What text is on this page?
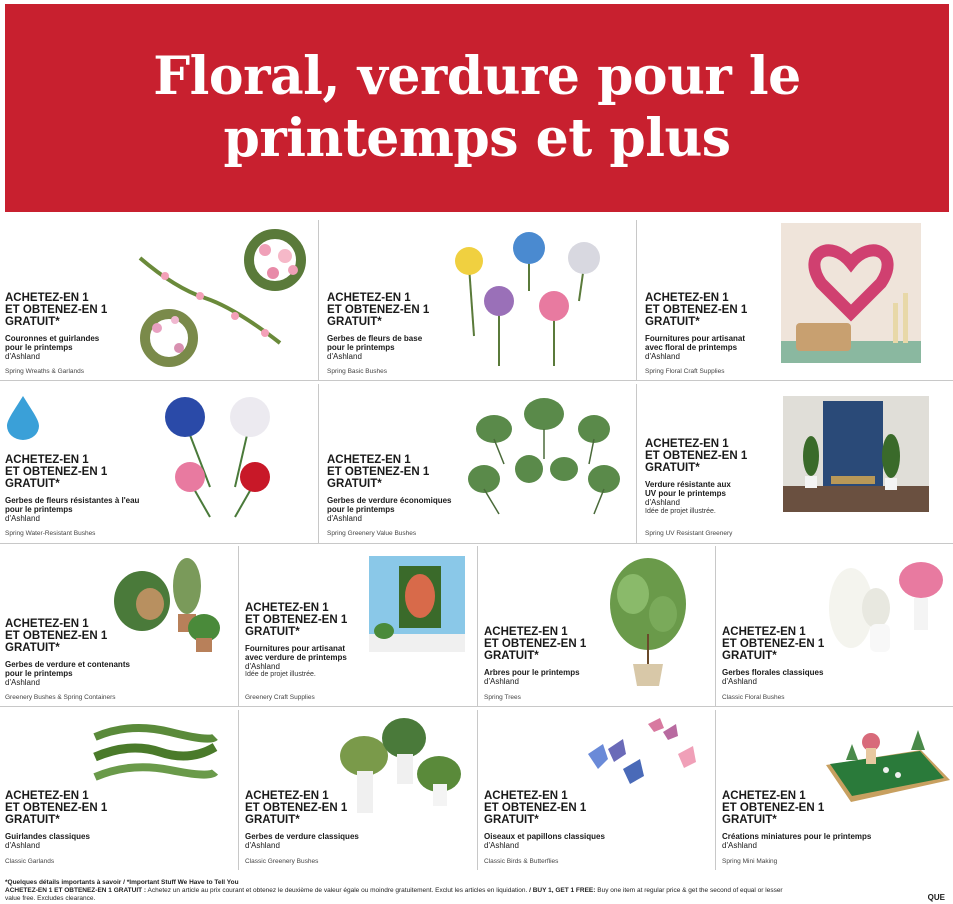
Floral, verdure pour le printemps et plus
ACHETEZ-EN 1
ET OBTENEZ-EN 1
GRATUIT*
Couronnes et guirlandes
pour le printemps
d'Ashland
Spring Wreaths & Garlands
ACHETEZ-EN 1
ET OBTENEZ-EN 1
GRATUIT*
Gerbes de fleurs de base
pour le printemps
d'Ashland
Spring Basic Bushes
ACHETEZ-EN 1
ET OBTENEZ-EN 1
GRATUIT*
Fournitures pour artisanat
avec floral de printemps
d'Ashland
Spring Floral Craft Supplies
ACHETEZ-EN 1
ET OBTENEZ-EN 1
GRATUIT*
Gerbes de fleurs résistantes à l'eau
pour le printemps
d'Ashland
Spring Water-Resistant Bushes
ACHETEZ-EN 1
ET OBTENEZ-EN 1
GRATUIT*
Gerbes de verdure économiques
pour le printemps
d'Ashland
Spring Greenery Value Bushes
ACHETEZ-EN 1
ET OBTENEZ-EN 1
GRATUIT*
Verdure résistante aux
UV pour le printemps
d'Ashland
Idée de projet illustrée.
Spring UV Resistant Greenery
ACHETEZ-EN 1
ET OBTENEZ-EN 1
GRATUIT*
Gerbes de verdure et contenants
pour le printemps
d'Ashland
Greenery Bushes & Spring Containers
ACHETEZ-EN 1
ET OBTENEZ-EN 1
GRATUIT*
Fournitures pour artisanat
avec verdure de printemps
d'Ashland
Idée de projet illustrée.
Greenery Craft Supplies
ACHETEZ-EN 1
ET OBTENEZ-EN 1
GRATUIT*
Arbres pour le printemps
d'Ashland
Spring Trees
ACHETEZ-EN 1
ET OBTENEZ-EN 1
GRATUIT*
Gerbes florales classiques
d'Ashland
Classic Floral Bushes
ACHETEZ-EN 1
ET OBTENEZ-EN 1
GRATUIT*
Guirlandes classiques
d'Ashland
Classic Garlands
ACHETEZ-EN 1
ET OBTENEZ-EN 1
GRATUIT*
Gerbes de verdure classiques
d'Ashland
Classic Greenery Bushes
ACHETEZ-EN 1
ET OBTENEZ-EN 1
GRATUIT*
Oiseaux et papillons classiques
d'Ashland
Classic Birds & Butterflies
ACHETEZ-EN 1
ET OBTENEZ-EN 1
GRATUIT*
Créations miniatures pour le printemps
d'Ashland
Spring Mini Making
*Quelques détails importants à savoir / *Important Stuff We Have to Tell You
ACHETEZ-EN 1 ET OBTENEZ-EN 1 GRATUIT : Achetez un article au prix courant et obtenez le deuxième de valeur égale ou moindre gratuitement. Exclut les articles en liquidation. / BUY 1, GET 1 FREE: Buy one item at regular price & get the second of equal or lesser
value free. Excludes clearance.	QUE
